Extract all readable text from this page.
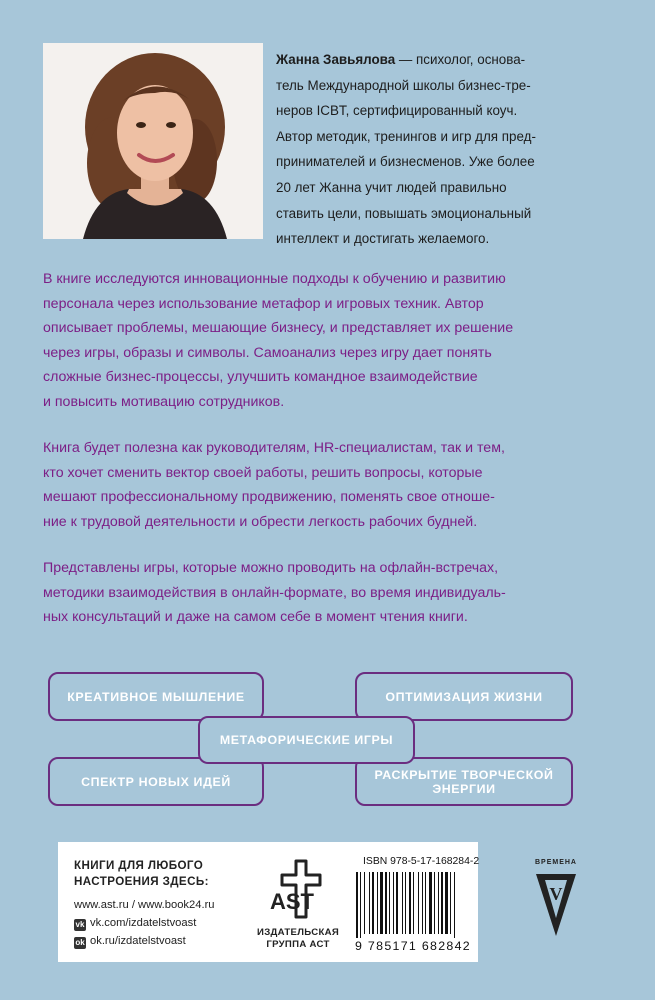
Жанна Завьялова — психолог, основа-
тель Международной школы бизнес-тре-
неров ICBT, сертифицированный коуч.
Автор методик, тренингов и игр для пред-
принимателей и бизнесменов. Уже более
20 лет Жанна учит людей правильно
ставить цели, повышать эмоциональный
интеллект и достигать желаемого.

В книге исследуются инновационные подходы к обучению и развитию
персонала через использование метафор и игровых техник. Автор
описывает проблемы, мешающие бизнесу, и представляет их решение
через игры, образы и символы. Самоанализ через игру дает понять
сложные бизнес-процессы, улучшить командное взаимодействие
и повысить мотивацию сотрудников.

Книга будет полезна как руководителям, HR-специалистам, так и тем,
кто хочет сменить вектор своей работы, решить вопросы, которые
мешают профессиональному продвижению, поменять свое отноше-
ние к трудовой деятельности и обрести легкость рабочих будней.

Представлены игры, которые можно проводить на офлайн-встречах,
методики взаимодействия в онлайн-формате, во время индивидуаль-
ных консультаций и даже на самом себе в момент чтения книги.

КРЕАТИВНОЕ МЫШЛЕНИЕ	ОПТИМИЗАЦИЯ ЖИЗНИ
СПЕКТР НОВЫХ ИДЕЙ	РАСКРЫТИЕ ТВОРЧЕСКОЙ
ЭНЕРГИИ
МЕТАФОРИЧЕСКИЕ ИГРЫ
КНИГИ ДЛЯ ЛЮБОГО
НАСТРОЕНИЯ ЗДЕСЬ:
www.ast.ru / www.book24.ru
vk vk.com/izdatelstvoast
ok ok.ru/izdatelstvoast
AST
ИЗДАТЕЛЬСКАЯ
ГРУППА АСТ
ISBN 978-5-17-168284-2
9 785171 682842
ВРЕМЕНА
V
